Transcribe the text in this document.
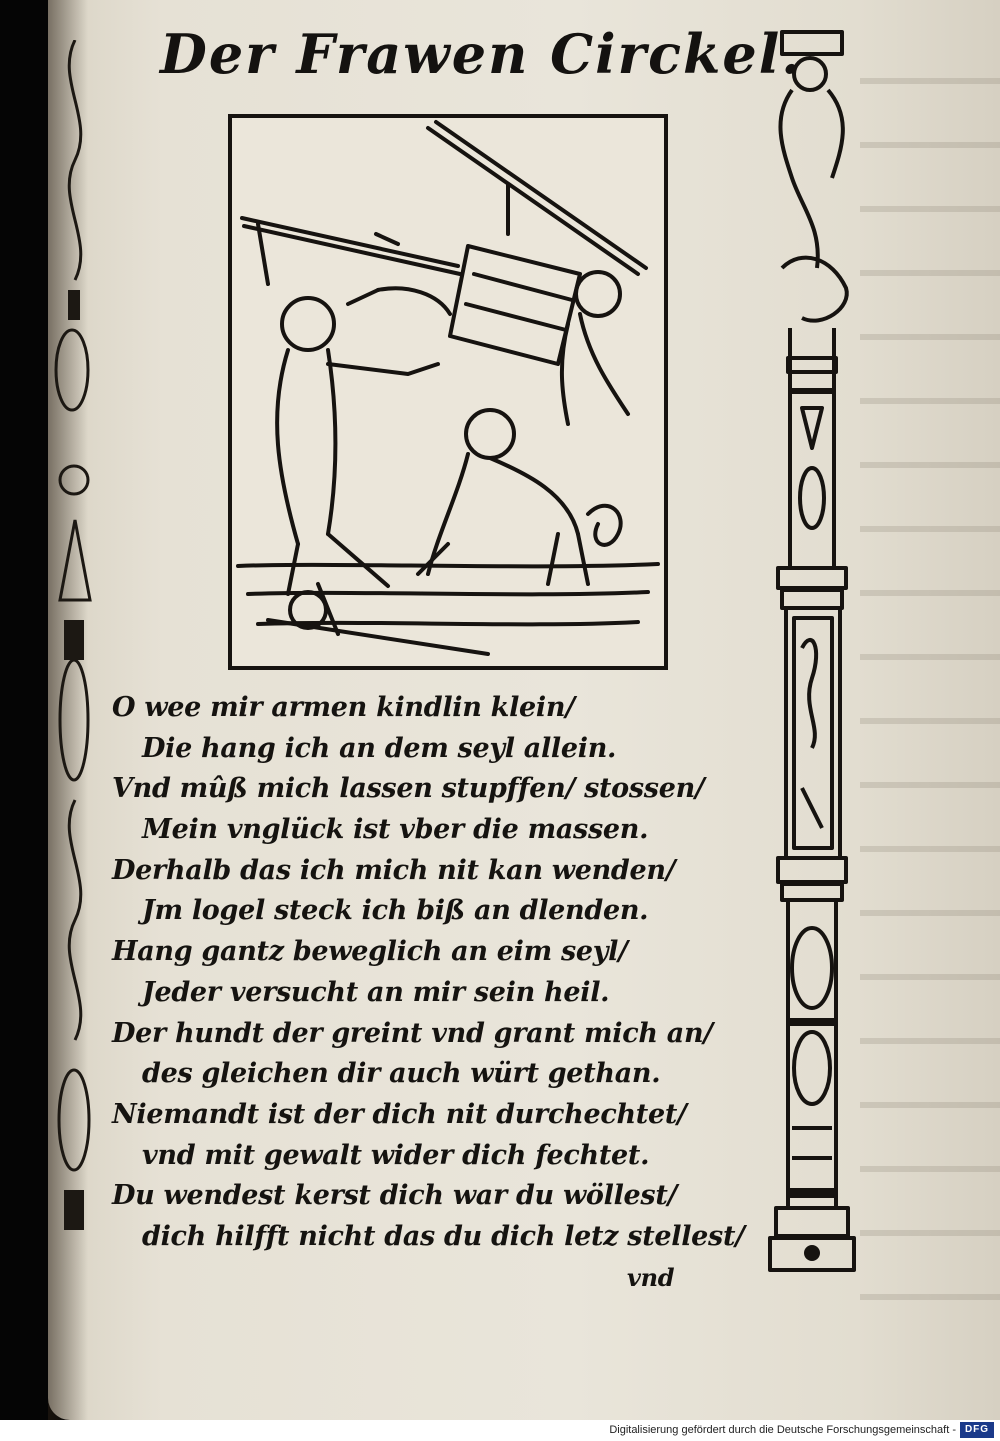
Der Frawen Circkel.
O wee mir armen kindlin klein/
Die hang ich an dem seyl allein.
Vnd mûß mich lassen stupffen/ stossen/
Mein vnglück ist vber die massen.
Derhalb das ich mich nit kan wenden/
Jm logel steck ich biß an dlenden.
Hang gantz beweglich an eim seyl/
Jeder versucht an mir sein heil.
Der hundt der greint vnd grant mich an/
des gleichen dir auch würt gethan.
Niemandt ist der dich nit durchechtet/
vnd mit gewalt wider dich fechtet.
Du wendest kerst dich war du wöllest/
dich hilfft nicht das du dich letz stellest/
vnd
Digitalisierung gefördert durch die Deutsche Forschungsgemeinschaft - DFG
